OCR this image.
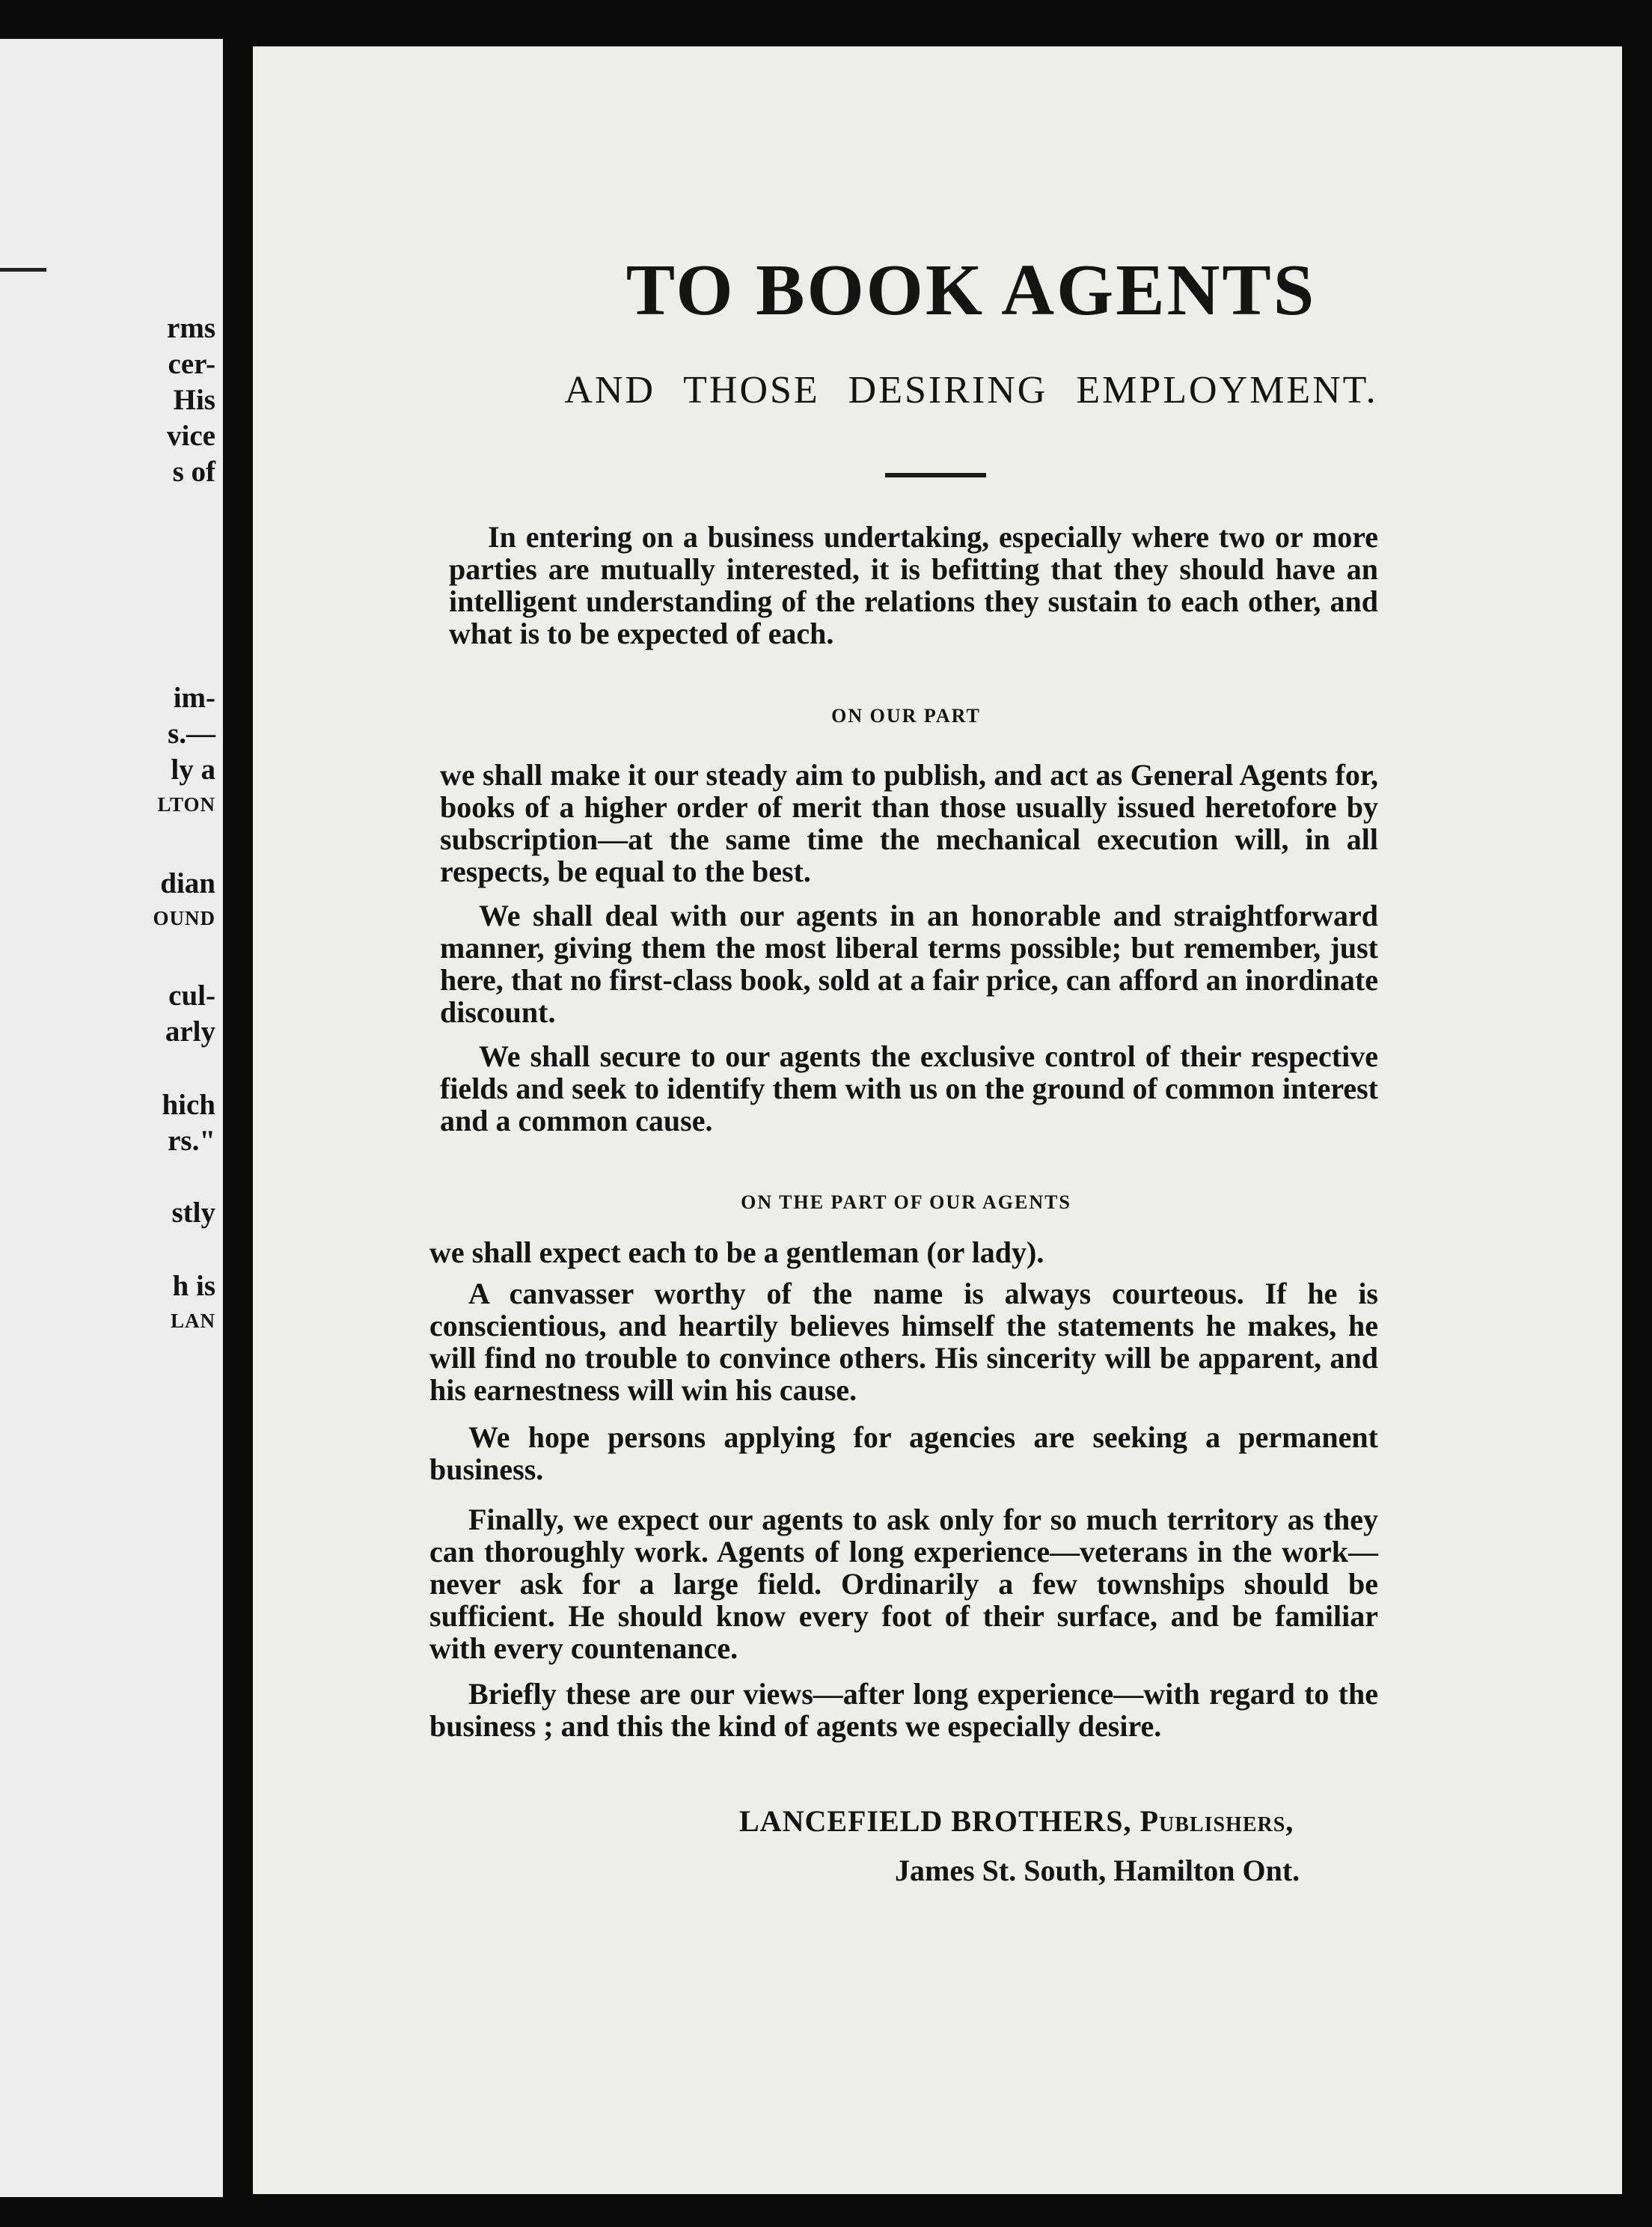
rms
cer-
His
vice
s of
im-
s.—
ly a
LTON
dian
OUND
cul-
arly
hich
rs."
stly
h is
LAN
TO BOOK AGENTS
AND THOSE DESIRING EMPLOYMENT.

In entering on a business undertaking, especially where two or more parties are mutually interested, it is befitting that they should have an intelligent understanding of the relations they sustain to each other, and what is to be expected of each.

ON OUR PART

we shall make it our steady aim to publish, and act as General Agents for, books of a higher order of merit than those usually issued heretofore by subscription—at the same time the mechanical execution will, in all respects, be equal to the best.

We shall deal with our agents in an honorable and straightforward manner, giving them the most liberal terms possible; but remember, just here, that no first-class book, sold at a fair price, can afford an inordinate discount.

We shall secure to our agents the exclusive control of their respective fields and seek to identify them with us on the ground of common interest and a common cause.

ON THE PART OF OUR AGENTS

we shall expect each to be a gentleman (or lady).

A canvasser worthy of the name is always courteous. If he is conscientious, and heartily believes himself the statements he makes, he will find no trouble to convince others. His sincerity will be apparent, and his earnestness will win his cause.

We hope persons applying for agencies are seeking a permanent business.

Finally, we expect our agents to ask only for so much territory as they can thoroughly work. Agents of long experience—veterans in the work—never ask for a large field. Ordinarily a few townships should be sufficient. He should know every foot of their surface, and be familiar with every countenance.

Briefly these are our views—after long experience—with regard to the business ; and this the kind of agents we especially desire.

LANCEFIELD BROTHERS, Publishers,
James St. South, Hamilton Ont.
